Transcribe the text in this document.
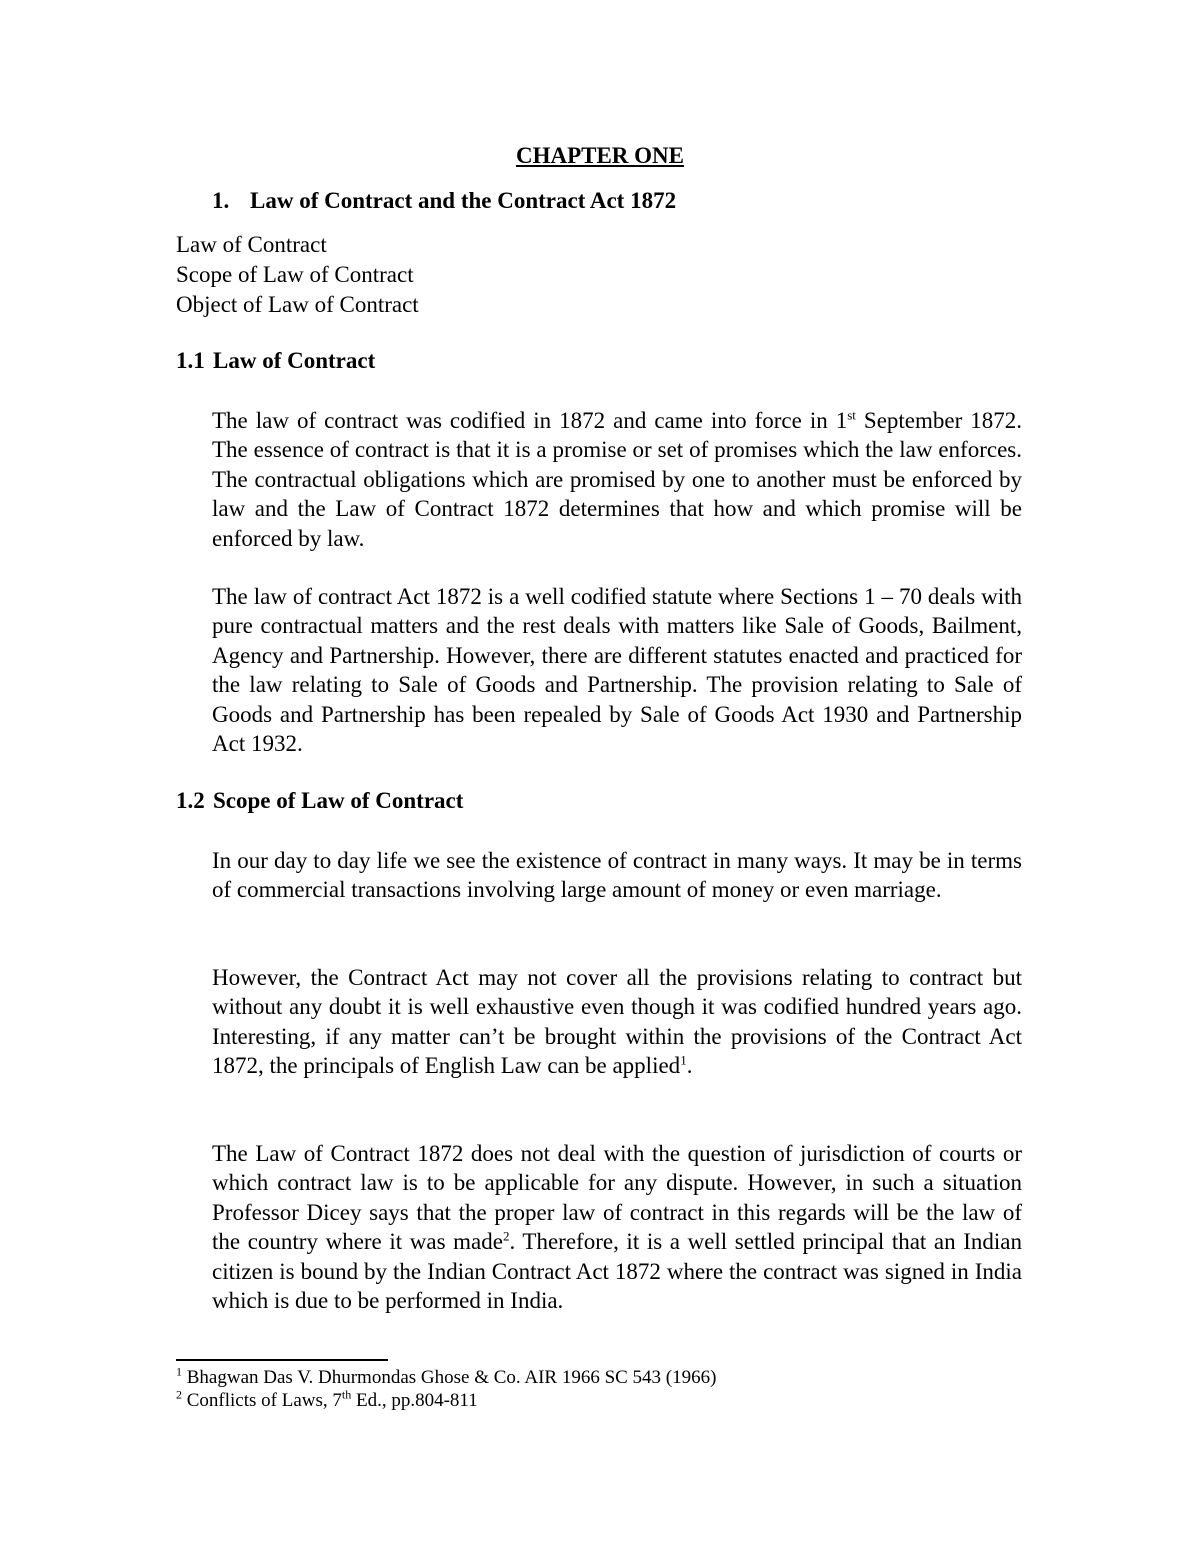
CHAPTER ONE
1. Law of Contract and the Contract Act 1872
Law of Contract
Scope of Law of Contract
Object of Law of Contract
1.1 Law of Contract

The law of contract was codified in 1872 and came into force in 1st September 1872. The essence of contract is that it is a promise or set of promises which the law enforces. The contractual obligations which are promised by one to another must be enforced by law and the Law of Contract 1872 determines that how and which promise will be enforced by law.

The law of contract Act 1872 is a well codified statute where Sections 1 – 70 deals with pure contractual matters and the rest deals with matters like Sale of Goods, Bailment, Agency and Partnership. However, there are different statutes enacted and practiced for the law relating to Sale of Goods and Partnership. The provision relating to Sale of Goods and Partnership has been repealed by Sale of Goods Act 1930 and Partnership Act 1932.

1.2 Scope of Law of Contract

In our day to day life we see the existence of contract in many ways. It may be in terms of commercial transactions involving large amount of money or even marriage.

However, the Contract Act may not cover all the provisions relating to contract but without any doubt it is well exhaustive even though it was codified hundred years ago. Interesting, if any matter can’t be brought within the provisions of the Contract Act 1872, the principals of English Law can be applied$^1$.

The Law of Contract 1872 does not deal with the question of jurisdiction of courts or which contract law is to be applicable for any dispute. However, in such a situation Professor Dicey says that the proper law of contract in this regards will be the law of the country where it was made$^2$. Therefore, it is a well settled principal that an Indian citizen is bound by the Indian Contract Act 1872 where the contract was signed in India which is due to be performed in India.

$^1$ Bhagwan Das V. Dhurmondas Ghose & Co. AIR 1966 SC 543 (1966)
$^2$ Conflicts of Laws, 7th Ed., pp.804-811
